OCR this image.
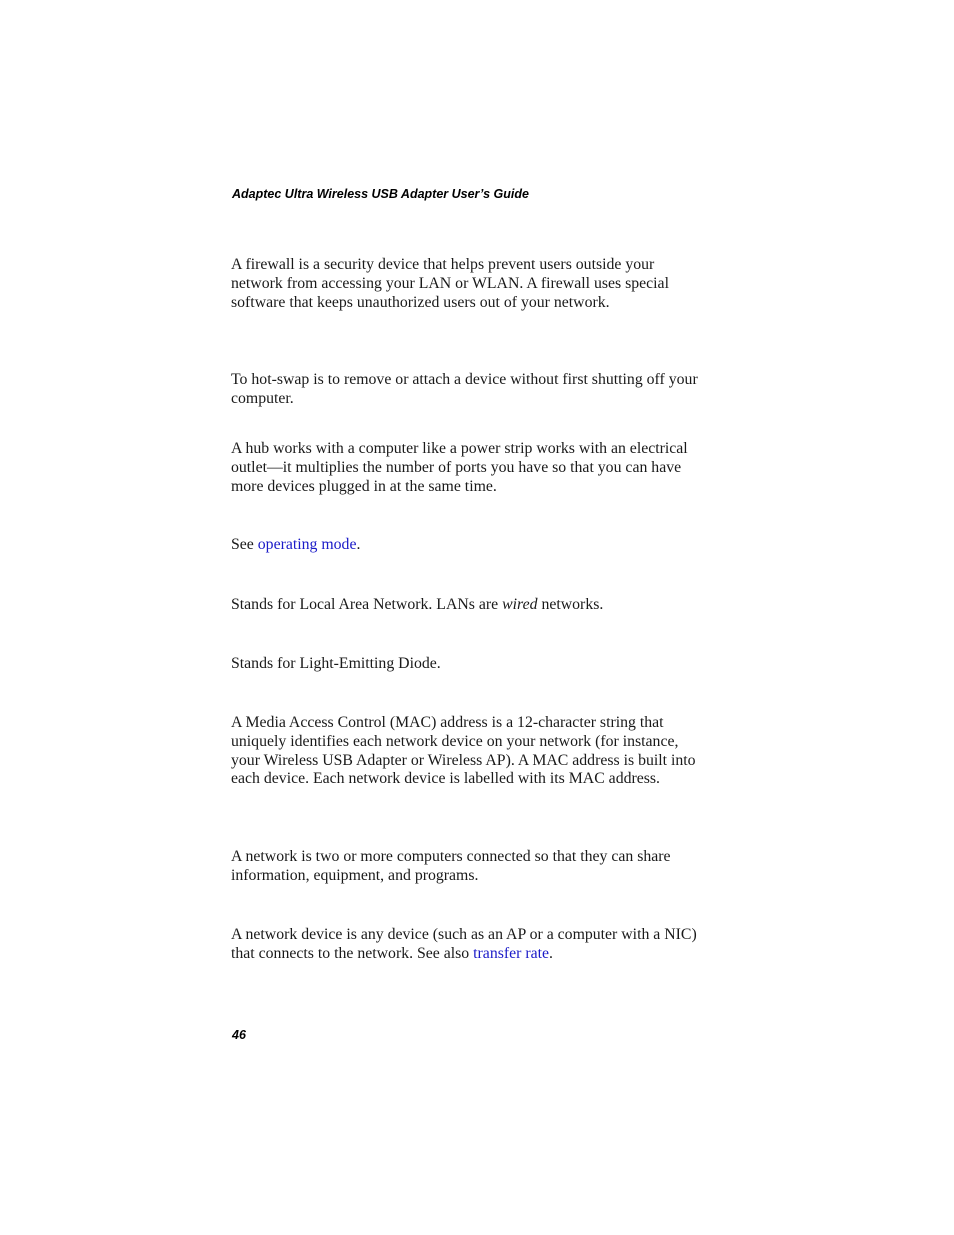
Adaptec Ultra Wireless USB Adapter User’s Guide

A firewall is a security device that helps prevent users outside your network from accessing your LAN or WLAN. A firewall uses special software that keeps unauthorized users out of your network.

To hot-swap is to remove or attach a device without first shutting off your computer.

A hub works with a computer like a power strip works with an electrical outlet—it multiplies the number of ports you have so that you can have more devices plugged in at the same time.

See operating mode.

Stands for Local Area Network. LANs are wired networks.

Stands for Light-Emitting Diode.

A Media Access Control (MAC) address is a 12-character string that uniquely identifies each network device on your network (for instance, your Wireless USB Adapter or Wireless AP). A MAC address is built into each device. Each network device is labelled with its MAC address.

A network is two or more computers connected so that they can share information, equipment, and programs.

A network device is any device (such as an AP or a computer with a NIC) that connects to the network. See also transfer rate.

46
